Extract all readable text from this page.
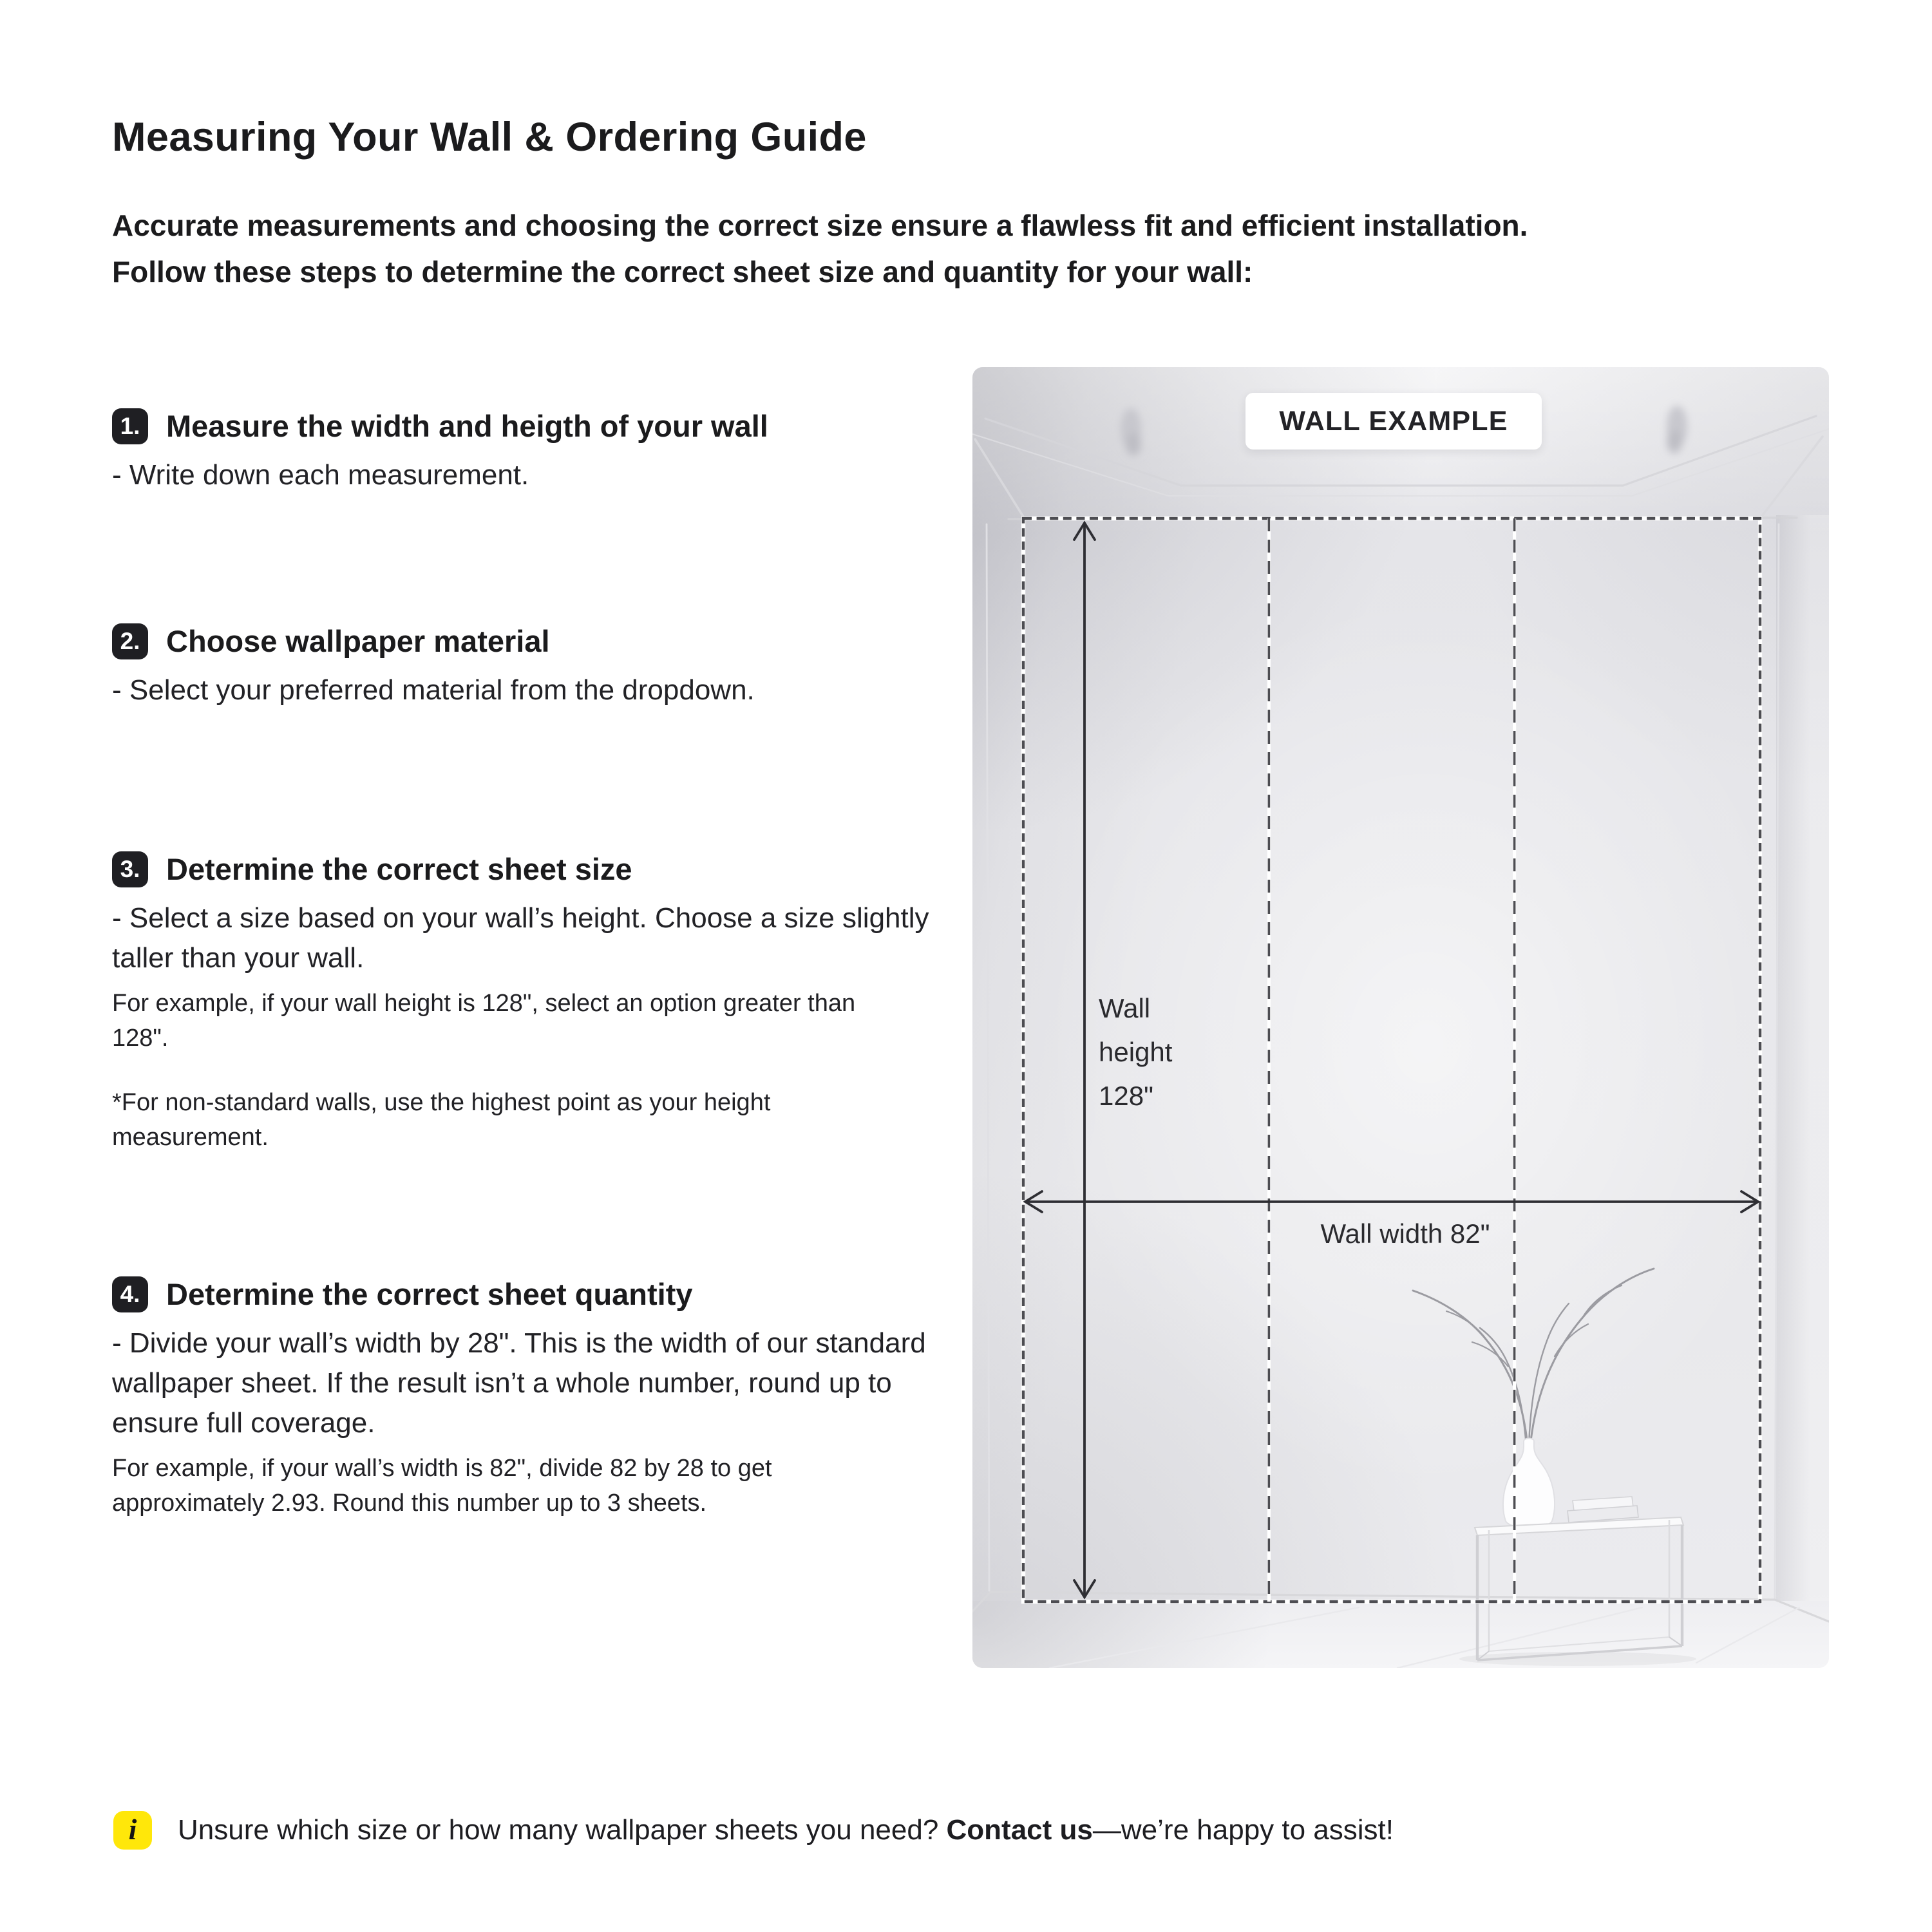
Measuring Your Wall & Ordering Guide
Accurate measurements and choosing the correct size ensure a flawless fit and efficient installation.
Follow these steps to determine the correct sheet size and quantity for your wall:
1.	Measure the width and heigth of your wall
- Write down each measurement.
2.	Choose wallpaper material
- Select your preferred material from the dropdown.
3.	Determine the correct sheet size
- Select a size based on your wall’s height. Choose a size slightly taller than your wall.
For example, if your wall height is 128", select an option greater than 128".
*For non-standard walls, use the highest point as your height measurement.
4.	Determine the correct sheet quantity
- Divide your wall’s width by 28". This is the width of our standard wallpaper sheet. If the result isn’t a whole number, round up to ensure full coverage.
For example, if your wall’s width is 82", divide 82 by 28 to get approximately 2.93. Round this number up to 3 sheets.
WALL EXAMPLE
Wall
height
128"
Wall width 82"
i	Unsure which size or how many wallpaper sheets you need? Contact us—we’re happy to assist!
